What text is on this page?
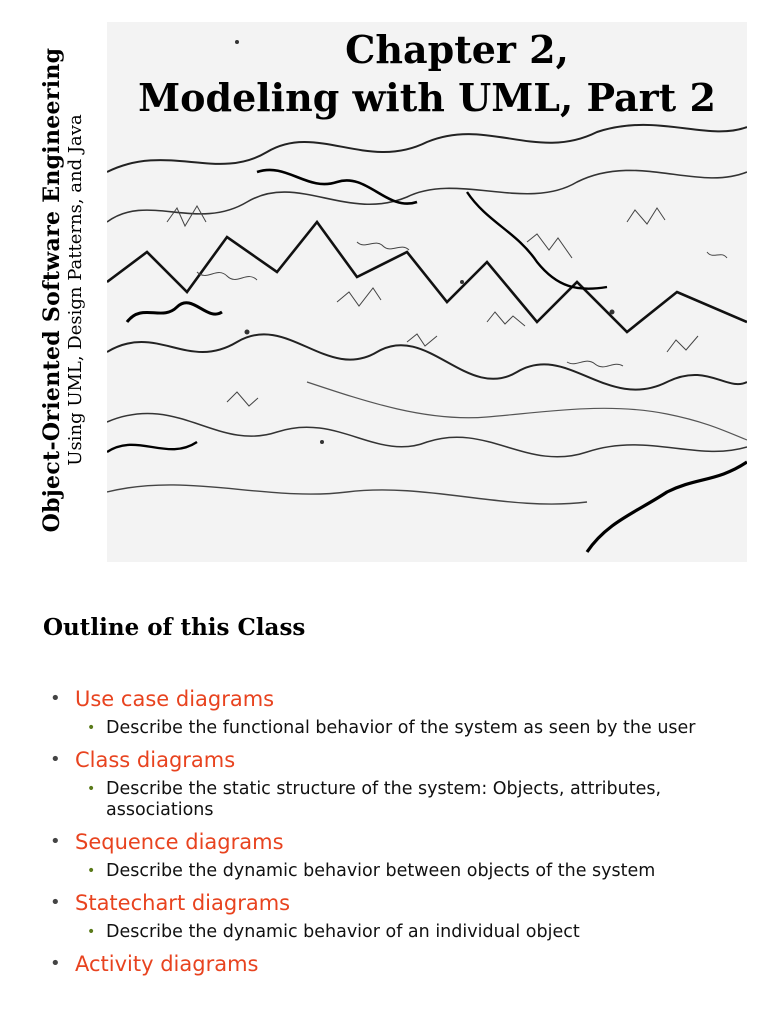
Object-Oriented Software Engineering Using UML, Design Patterns, and Java
Chapter 2,
Modeling with UML, Part 2
Outline of this Class
• Use case diagrams
• Describe the functional behavior of the system as seen by the user
• Class diagrams
• Describe the static structure of the system: Objects, attributes, associations
• Sequence diagrams
• Describe the dynamic behavior between objects of the system
• Statechart diagrams
• Describe the dynamic behavior of an individual object
• Activity diagrams
